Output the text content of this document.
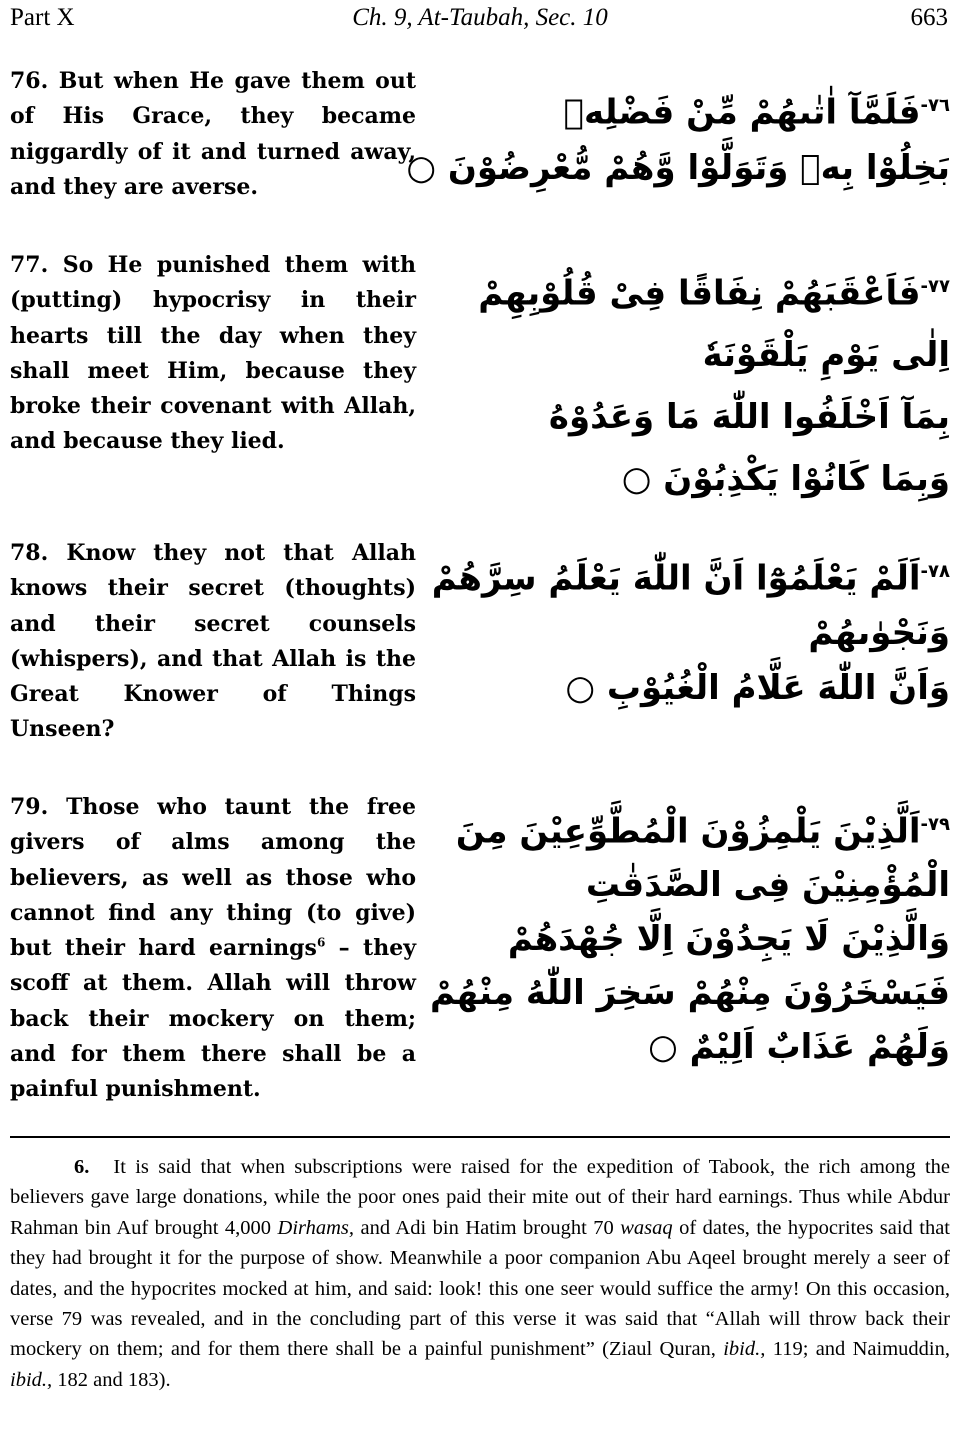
Part X	Ch. 9, At-Taubah, Sec. 10	663
76. But when He gave them out of His Grace, they became niggardly of it and turned away, and they are averse.
$^{٧٦-}$فَلَمَّآ اٰتٰىهُمْ مِّنْ فَضْلِهٖ
بَخِلُوْا بِهٖ وَتَوَلَّوْا وَّهُمْ مُّعْرِضُوْنَ ○
77. So He punished them with (putting) hypocrisy in their hearts till the day when they shall meet Him, because they broke their covenant with Allah, and because they lied.
$^{٧٧-}$فَاَعْقَبَهُمْ نِفَاقًا فِىْ قُلُوْبِهِمْ
اِلٰى يَوْمِ يَلْقَوْنَهٗ
بِمَآ اَخْلَفُوا اللّٰهَ مَا وَعَدُوْهُ
وَبِمَا كَانُوْا يَكْذِبُوْنَ ○
78. Know they not that Allah knows their secret (thoughts) and their secret counsels (whispers), and that Allah is the Great Knower of Things Unseen?
$^{٧٨-}$اَلَمْ يَعْلَمُوْٓا اَنَّ اللّٰهَ يَعْلَمُ سِرَّهُمْ
وَنَجْوٰىهُمْ
وَاَنَّ اللّٰهَ عَلَّامُ الْغُيُوْبِ ○
79. Those who taunt the free givers of alms among the believers, as well as those who cannot find any thing (to give) but their hard earnings$^6$ – they scoff at them. Allah will throw back their mockery on them; and for them there shall be a painful punishment.
$^{٧٩-}$اَلَّذِيْنَ يَلْمِزُوْنَ الْمُطَّوِّعِيْنَ مِنَ
الْمُؤْمِنِيْنَ فِى الصَّدَقٰتِ
وَالَّذِيْنَ لَا يَجِدُوْنَ اِلَّا جُهْدَهُمْ
فَيَسْخَرُوْنَ مِنْهُمْ سَخِرَ اللّٰهُ مِنْهُمْ
وَلَهُمْ عَذَابٌ اَلِيْمٌ ○
6. It is said that when subscriptions were raised for the expedition of Tabook, the rich among the believers gave large donations, while the poor ones paid their mite out of their hard earnings. Thus while Abdur Rahman bin Auf brought 4,000 Dirhams, and Adi bin Hatim brought 70 wasaq of dates, the hypocrites said that they had brought it for the purpose of show. Meanwhile a poor companion Abu Aqeel brought merely a seer of dates, and the hypocrites mocked at him, and said: look! this one seer would suffice the army! On this occasion, verse 79 was revealed, and in the concluding part of this verse it was said that “Allah will throw back their mockery on them; and for them there shall be a painful punishment” (Ziaul Quran, ibid., 119; and Naimuddin, ibid., 182 and 183).
